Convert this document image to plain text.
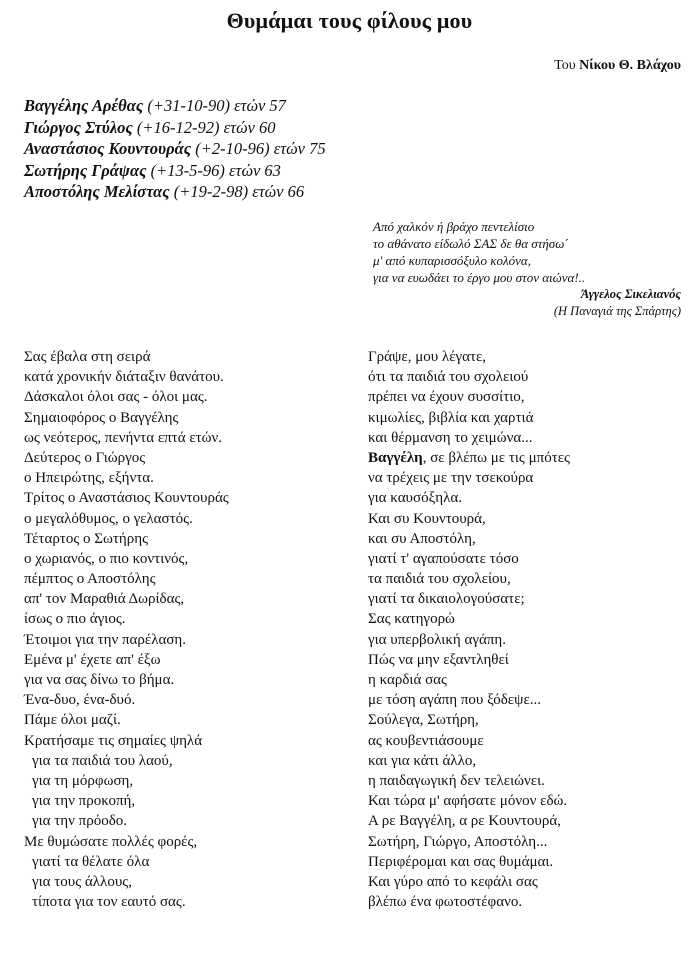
Θυμάμαι τους φίλους μου
Του Νίκου Θ. Βλάχου
Βαγγέλης Αρέθας (+31-10-90) ετών 57
Γιώργος Στύλος (+16-12-92) ετών 60
Αναστάσιος Κουντουράς (+2-10-96) ετών 75
Σωτήρης Γράψας (+13-5-96) ετών 63
Αποστόλης Μελίστας (+19-2-98) ετών 66
Από χαλκόν ή βράχο πεντελίσιο
το αθάνατο είδωλό ΣΑΣ δε θα στήσω΄
μ' από κυπαρισσόξυλο κολόνα,
για να ευωδάει το έργο μου στον αιώνα!..
Άγγελος Σικελιανός
(Η Παναγιά της Σπάρτης)
Σας έβαλα στη σειρά
κατά χρονικήν διάταξιν θανάτου.
Δάσκαλοι όλοι σας - όλοι μας.
Σημαιοφόρος ο Βαγγέλης
ως νεότερος, πενήντα επτά ετών.
Δεύτερος ο Γιώργος
ο Ηπειρώτης, εξήντα.
Τρίτος ο Αναστάσιος Κουντουράς
ο μεγαλόθυμος, ο γελαστός.
Τέταρτος ο Σωτήρης
ο χωριανός, ο πιο κοντινός,
πέμπτος ο Αποστόλης
απ' τον Μαραθιά Δωρίδας,
ίσως ο πιο άγιος.
Έτοιμοι για την παρέλαση.
Εμένα μ' έχετε απ' έξω
για να σας δίνω το βήμα.
Ένα-δυο, ένα-δυό.
Πάμε όλοι μαζί.
Κρατήσαμε τις σημαίες ψηλά
για τα παιδιά του λαού,
για τη μόρφωση,
για την προκοπή,
για την πρόοδο.
Με θυμώσατε πολλές φορές,
γιατί τα θέλατε όλα
για τους άλλους,
τίποτα για τον εαυτό σας.
Γράψε, μου λέγατε,
ότι τα παιδιά του σχολειού
πρέπει να έχουν συσσίτιο,
κιμωλίες, βιβλία και χαρτιά
και θέρμανση το χειμώνα...
Βαγγέλη, σε βλέπω με τις μπότες
να τρέχεις με την τσεκούρα
για καυσόξηλα.
Και συ Κουντουρά,
και συ Αποστόλη,
γιατί τ' αγαπούσατε τόσο
τα παιδιά του σχολείου,
γιατί τα δικαιολογούσατε;
Σας κατηγορώ
για υπερβολική αγάπη.
Πώς να μην εξαντληθεί
η καρδιά σας
με τόση αγάπη που ξόδεψε...
Σούλεγα, Σωτήρη,
ας κουβεντιάσουμε
και για κάτι άλλο,
η παιδαγωγική δεν τελειώνει.
Και τώρα μ' αφήσατε μόνον εδώ.
Α ρε Βαγγέλη, α ρε Κουντουρά,
Σωτήρη, Γιώργο, Αποστόλη...
Περιφέρομαι και σας θυμάμαι.
Και γύρο από το κεφάλι σας
βλέπω ένα φωτοστέφανο.
